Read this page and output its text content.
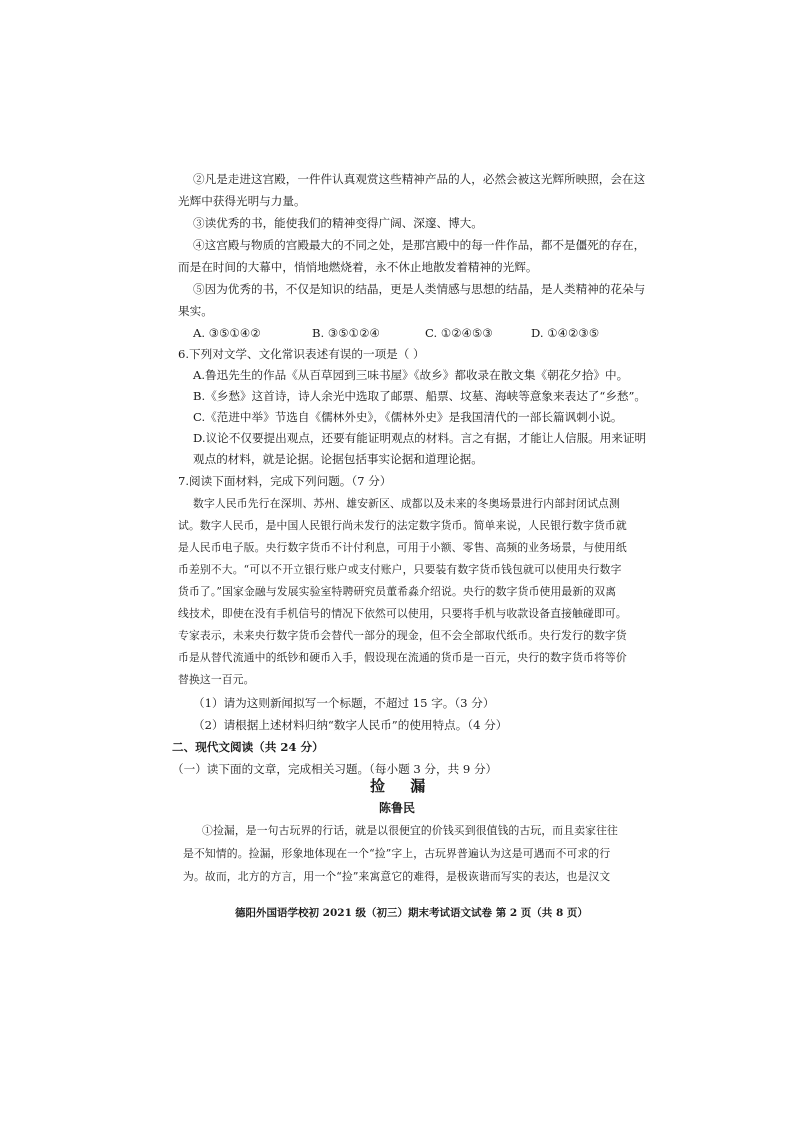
②凡是走进这宫殿，一件件认真观赏这些精神产品的人，必然会被这光辉所映照，会在这
光辉中获得光明与力量。
③读优秀的书，能使我们的精神变得广阔、深邃、博大。
④这宫殿与物质的宫殿最大的不同之处，是那宫殿中的每一件作品，都不是僵死的存在，
而是在时间的大幕中，悄悄地燃烧着，永不休止地散发着精神的光辉。
⑤因为优秀的书，不仅是知识的结晶，更是人类情感与思想的结晶，是人类精神的花朵与
果实。
A. ③⑤①④②	B. ③⑤①②④	C. ①②④⑤③	D. ①④②③⑤
6.下列对文学、文化常识表述有误的一项是（ ）
A.鲁迅先生的作品《从百草园到三味书屋》《故乡》都收录在散文集《朝花夕拾》中。
B.《乡愁》这首诗，诗人余光中选取了邮票、船票、坟墓、海峡等意象来表达了“乡愁”。
C.《范进中举》节选自《儒林外史》，《儒林外史》是我国清代的一部长篇讽刺小说。
D.议论不仅要提出观点，还要有能证明观点的材料。言之有据，才能让人信服。用来证明
观点的材料，就是论据。论据包括事实论据和道理论据。
7.阅读下面材料，完成下列问题。（7 分）
数字人民币先行在深圳、苏州、雄安新区、成都以及未来的冬奥场景进行内部封闭试点测
试。数字人民币，是中国人民银行尚未发行的法定数字货币。简单来说，人民银行数字货币就
是人民币电子版。央行数字货币不计付利息，可用于小额、零售、高频的业务场景，与使用纸
币差别不大。“可以不开立银行账户或支付账户，只要装有数字货币钱包就可以使用央行数字
货币了。”国家金融与发展实验室特聘研究员董希淼介绍说。央行的数字货币使用最新的双离
线技术，即使在没有手机信号的情况下依然可以使用，只要将手机与收款设备直接触碰即可。
专家表示，未来央行数字货币会替代一部分的现金，但不会全部取代纸币。央行发行的数字货
币是从替代流通中的纸钞和硬币入手，假设现在流通的货币是一百元，央行的数字货币将等价
替换这一百元。
（1）请为这则新闻拟写一个标题，不超过 15 字。（3 分）
（2）请根据上述材料归纳“数字人民币”的使用特点。（4 分）
二、现代文阅读（共 24 分）
（一）读下面的文章，完成相关习题。（每小题 3 分，共 9 分）
捡 漏
陈鲁民
①捡漏，是一句古玩界的行话，就是以很便宜的价钱买到很值钱的古玩，而且卖家往往
是不知情的。捡漏，形象地体现在一个“捡”字上，古玩界普遍认为这是可遇而不可求的行
为。故而，北方的方言，用一个“捡”来寓意它的难得，是极诙谐而写实的表达，也是汉文
德阳外国语学校初 2021 级（初三）期末考试语文试卷 第 2 页（共 8 页）
